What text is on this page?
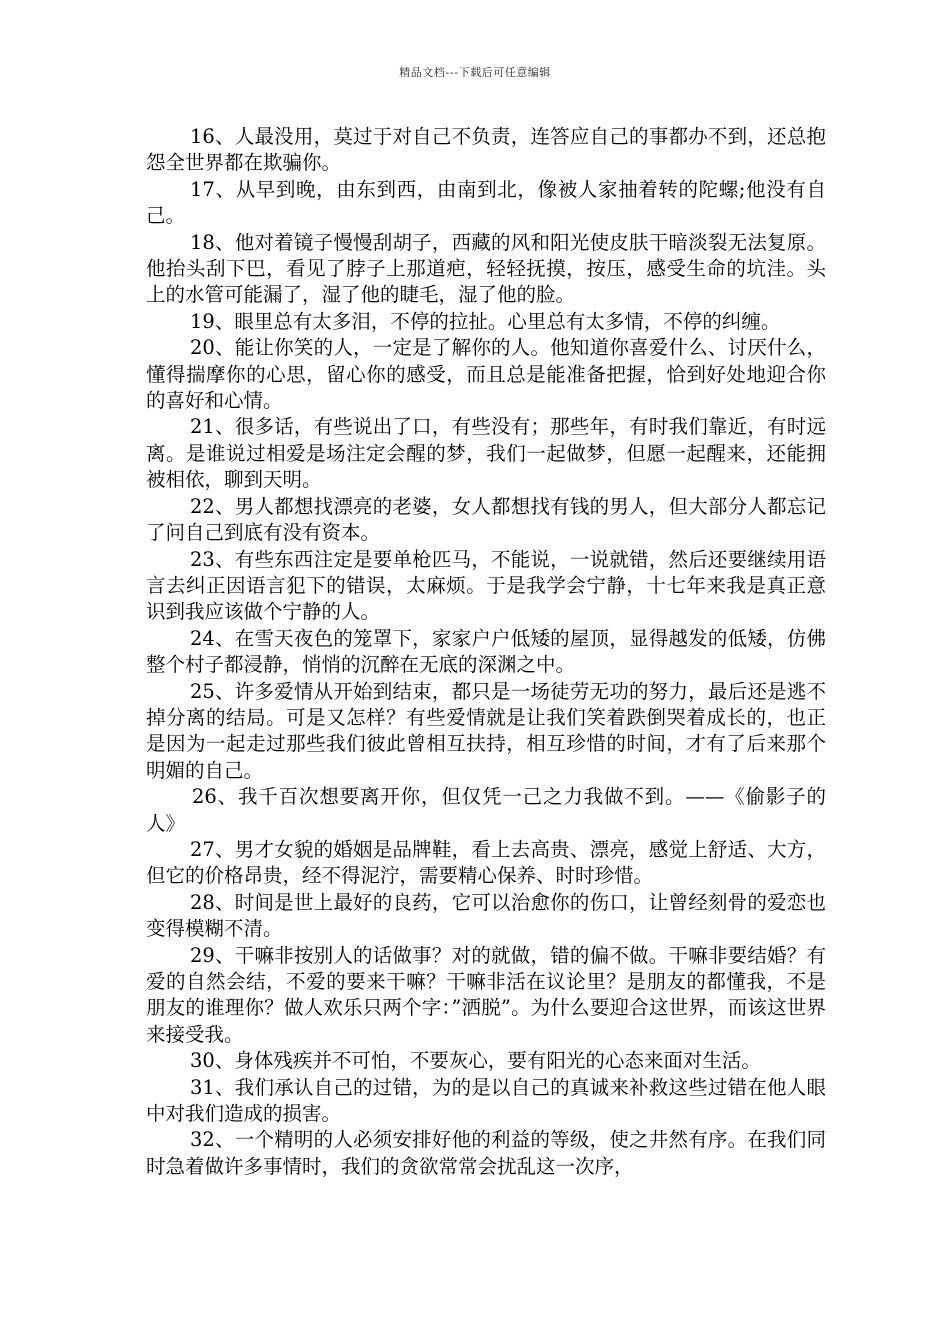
精品文档---下载后可任意编辑

16、人最没用，莫过于对自己不负责，连答应自己的事都办不到，还总抱怨全世界都在欺骗你。

17、从早到晚，由东到西，由南到北，像被人家抽着转的陀螺;他没有自己。

18、他对着镜子慢慢刮胡子，西藏的风和阳光使皮肤干暗淡裂无法复原。他抬头刮下巴，看见了脖子上那道疤，轻轻抚摸，按压，感受生命的坑洼。头上的水管可能漏了，湿了他的睫毛，湿了他的脸。

19、眼里总有太多泪，不停的拉扯。心里总有太多情，不停的纠缠。

20、能让你笑的人，一定是了解你的人。他知道你喜爱什么、讨厌什么，懂得揣摩你的心思，留心你的感受，而且总是能准备把握，恰到好处地迎合你的喜好和心情。

21、很多话，有些说出了口，有些没有；那些年，有时我们靠近，有时远离。是谁说过相爱是场注定会醒的梦，我们一起做梦，但愿一起醒来，还能拥被相依，聊到天明。

22、男人都想找漂亮的老婆，女人都想找有钱的男人，但大部分人都忘记了问自己到底有没有资本。

23、有些东西注定是要单枪匹马，不能说，一说就错，然后还要继续用语言去纠正因语言犯下的错误，太麻烦。于是我学会宁静，十七年来我是真正意识到我应该做个宁静的人。

24、在雪天夜色的笼罩下，家家户户低矮的屋顶，显得越发的低矮，仿佛整个村子都浸静，悄悄的沉醉在无底的深渊之中。

25、许多爱情从开始到结束，都只是一场徒劳无功的努力，最后还是逃不掉分离的结局。可是又怎样？有些爱情就是让我们笑着跌倒哭着成长的，也正是因为一起走过那些我们彼此曾相互扶持，相互珍惜的时间，才有了后来那个明媚的自己。

26、我千百次想要离开你，但仅凭一己之力我做不到。——《偷影子的人》

27、男才女貌的婚姻是品牌鞋，看上去高贵、漂亮，感觉上舒适、大方，但它的价格昂贵，经不得泥泞，需要精心保养、时时珍惜。

28、时间是世上最好的良药，它可以治愈你的伤口，让曾经刻骨的爱恋也变得模糊不清。

29、干嘛非按别人的话做事？对的就做，错的偏不做。干嘛非要结婚？有爱的自然会结，不爱的要来干嘛？干嘛非活在议论里？是朋友的都懂我，不是朋友的谁理你？做人欢乐只两个字：”洒脱”。为什么要迎合这世界，而该这世界来接受我。

30、身体残疾并不可怕，不要灰心，要有阳光的心态来面对生活。

31、我们承认自己的过错，为的是以自己的真诚来补救这些过错在他人眼中对我们造成的损害。

32、一个精明的人必须安排好他的利益的等级，使之井然有序。在我们同时急着做许多事情时，我们的贪欲常常会扰乱这一次序，
